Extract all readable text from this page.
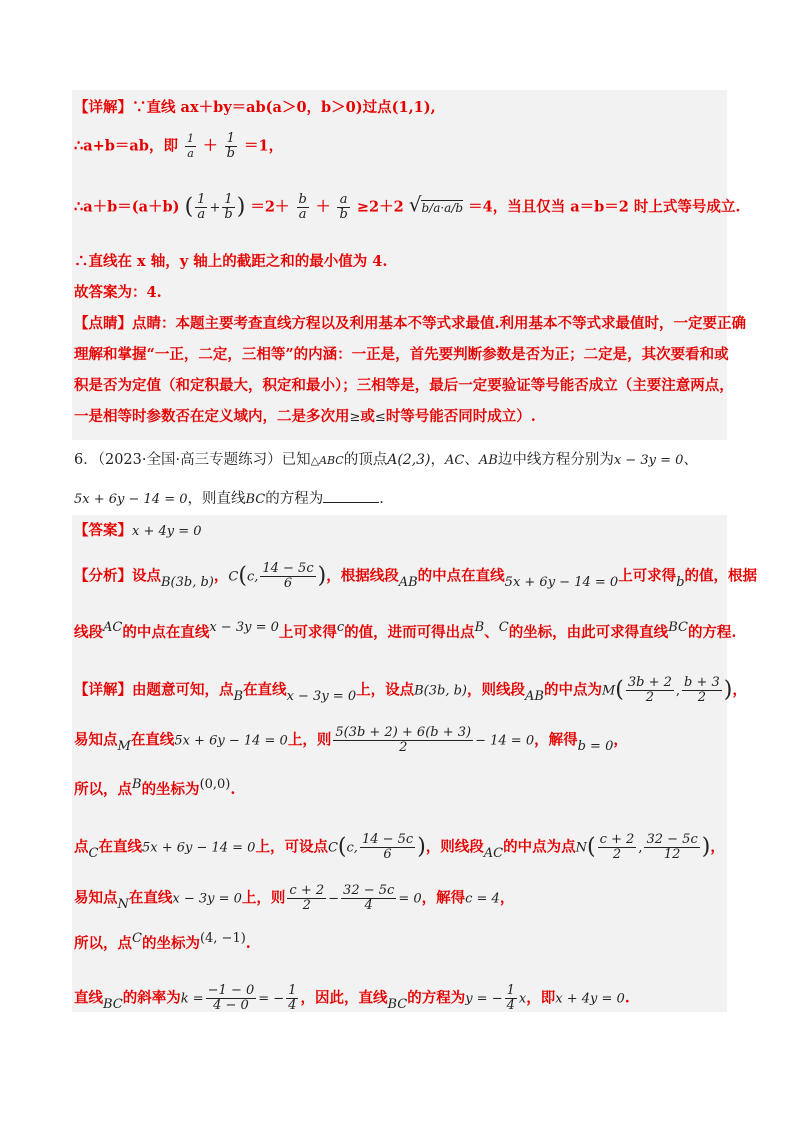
【详解】∵直线 ax＋by＝ab(a＞0，b＞0)过点(1,1),
∴a+b＝ab，即 $\frac{1}{a} + \frac{1}{b} =1$，
∴a＋b＝(a＋b) ( $\frac{1}{a} + \frac{1}{b}$ ) $=2+ \frac{b}{a} + \frac{a}{b} \ge 2+2$ √b/a·a/b ＝4，当且仅当 a＝b＝2 时上式等号成立.
∴直线在 x 轴，y 轴上的截距之和的最小值为 4.
故答案为：4.
【点睛】点睛：本题主要考查直线方程以及利用基本不等式求最值.利用基本不等式求最值时，一定要正确
理解和掌握“一正，二定，三相等”的内涵：一正是，首先要判断参数是否为正；二定是，其次要看和或
积是否为定值（和定积最大，积定和最小）；三相等是，最后一定要验证等号能否成立（主要注意两点，
一是相等时参数否在定义域内，二是多次用≥或≤时等号能否同时成立）.
6．（2023·全国·高三专题练习）已知△ABC的顶点A(2,3)，AC、AB边中线方程分别为x − 3y = 0、
5x + 6y − 14 = 0，则直线BC的方程为	.
【答案】x + 4y = 0
【分析】设点B(3b, b)，C(c, $\frac{14 - 5c}{6}$ )，根据线段AB的中点在直线5x + 6y − 14 = 0上可求得b的值，根据
线段AC的中点在直线x − 3y = 0上可求得c的值，进而可得出点B、C的坐标，由此可求得直线BC的方程.
【详解】由题意可知，点B在直线x − 3y = 0上，设点B(3b, b)，则线段AB的中点为$M( \frac{3b + 2}{2}$ , $\frac{b + 3}{2}$ )，
易知点M在直线5x + 6y − 14 = 0上，则 $\frac{5(3b + 2) + 6(b + 3)}{2} - 14 = 0$，解得b = 0，
所以，点B的坐标为(0,0).
点C在直线5x + 6y − 14 = 0上，可设点C(c, $\frac{14 - 5c}{6}$ )，则线段AC的中点为点$N( \frac{c + 2}{2}$ , $\frac{32 - 5c}{12}$ )，
易知点N在直线x − 3y = 0上，则 $\frac{c + 2}{2} - \frac{32 - 5c}{4} = 0$，解得c = 4，
所以，点C的坐标为(4, −1).
直线BC的斜率为$k = \frac{-1 - 0}{4 - 0}$ = − $\frac{1}{4}$ ，因此，直线BC的方程为y = − $\frac{1}{4}$ x，即x + 4y = 0.
